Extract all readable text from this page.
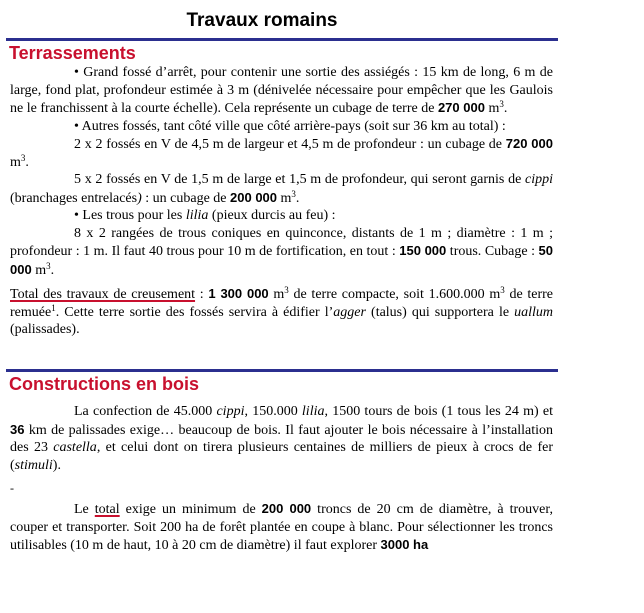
Travaux romains
Terrassements

• Grand fossé d’arrêt, pour contenir une sortie des assiégés : 15 km de long, 6 m de large, fond plat, profondeur estimée à 3 m (dénivelée nécessaire pour empêcher que les Gaulois ne le franchissent à la courte échelle). Cela représente un cubage de terre de 270 000 $m^3$.

• Autres fossés, tant côté ville que côté arrière-pays (soit sur 36 km au total) :

2 x 2 fossés en V de 4,5 m de largeur et 4,5 m de profondeur : un cubage de 720 000 $m^3$.

5 x 2 fossés en V de 1,5 m de large et 1,5 m de profondeur, qui seront garnis de cippi (branchages entrelacés) : un cubage de 200 000 $m^3$.

• Les trous pour les lilia (pieux durcis au feu) :

8 x 2 rangées de trous coniques en quinconce, distants de 1 m ; diamètre : 1 m ; profondeur : 1 m. Il faut 40 trous pour 10 m de fortification, en tout : 150 000 trous. Cubage : 50 000 $m^3$.

Total des travaux de creusement : 1 300 000 $m^3$ de terre compacte, soit 1.600.000 $m^3$ de terre remuée$^1$. Cette terre sortie des fossés servira à édifier l’agger (talus) qui supportera le uallum (palissades).

Constructions en bois

La confection de 45.000 cippi, 150.000 lilia, 1500 tours de bois (1 tous les 24 m) et 36 km de palissades exige… beaucoup de bois. Il faut ajouter le bois nécessaire à l’installation des 23 castella, et celui dont on tirera plusieurs centaines de milliers de pieux à crocs de fer (stimuli).

Le total exige un minimum de 200 000 troncs de 20 cm de diamètre, à trouver, couper et transporter. Soit 200 ha de forêt plantée en coupe à blanc. Pour sélectionner les troncs utilisables (10 m de haut, 10 à 20 cm de diamètre) il faut explorer 3000 ha

-
